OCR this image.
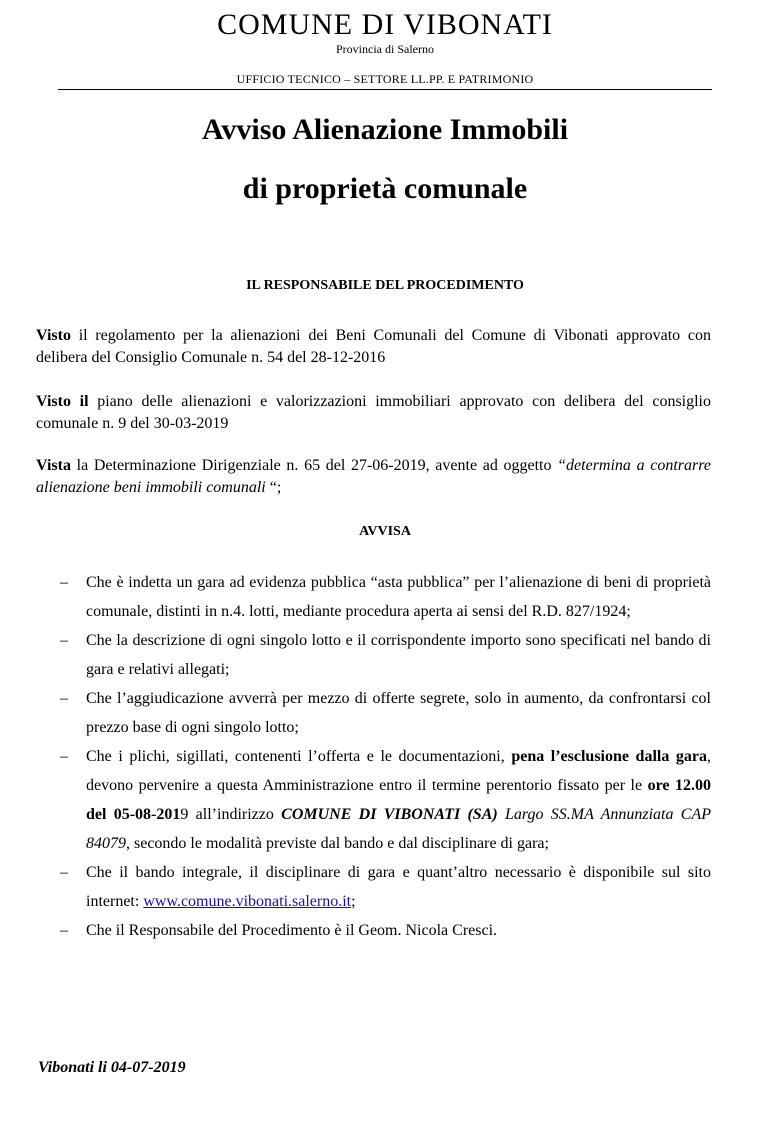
COMUNE DI VIBONATI
Provincia di Salerno
UFFICIO TECNICO – SETTORE LL.PP. E PATRIMONIO
Avviso Alienazione Immobili
di proprietà comunale
IL RESPONSABILE DEL PROCEDIMENTO
Visto il regolamento per la alienazioni dei Beni Comunali del Comune di Vibonati approvato con delibera del Consiglio Comunale n. 54 del 28-12-2016
Visto il piano delle alienazioni e valorizzazioni immobiliari approvato con delibera del consiglio comunale n. 9 del 30-03-2019
Vista la Determinazione Dirigenziale n. 65 del 27-06-2019, avente ad oggetto “determina a contrarre alienazione beni immobili comunali “;
AVVISA
– Che è indetta un gara ad evidenza pubblica “asta pubblica” per l’alienazione di beni di proprietà comunale, distinti in n.4. lotti, mediante procedura aperta ai sensi del R.D. 827/1924;
– Che la descrizione di ogni singolo lotto e il corrispondente importo sono specificati nel bando di gara e relativi allegati;
– Che l’aggiudicazione avverrà per mezzo di offerte segrete, solo in aumento, da confrontarsi col prezzo base di ogni singolo lotto;
– Che i plichi, sigillati, contenenti l’offerta e le documentazioni, pena l’esclusione dalla gara, devono pervenire a questa Amministrazione entro il termine perentorio fissato per le ore 12.00 del 05-08-2019 all’indirizzo COMUNE DI VIBONATI (SA) Largo SS.MA Annunziata CAP 84079, secondo le modalità previste dal bando e dal disciplinare di gara;
– Che il bando integrale, il disciplinare di gara e quant’altro necessario è disponibile sul sito internet: www.comune.vibonati.salerno.it;
– Che il Responsabile del Procedimento è il Geom. Nicola Cresci.
Vibonati li 04-07-2019
